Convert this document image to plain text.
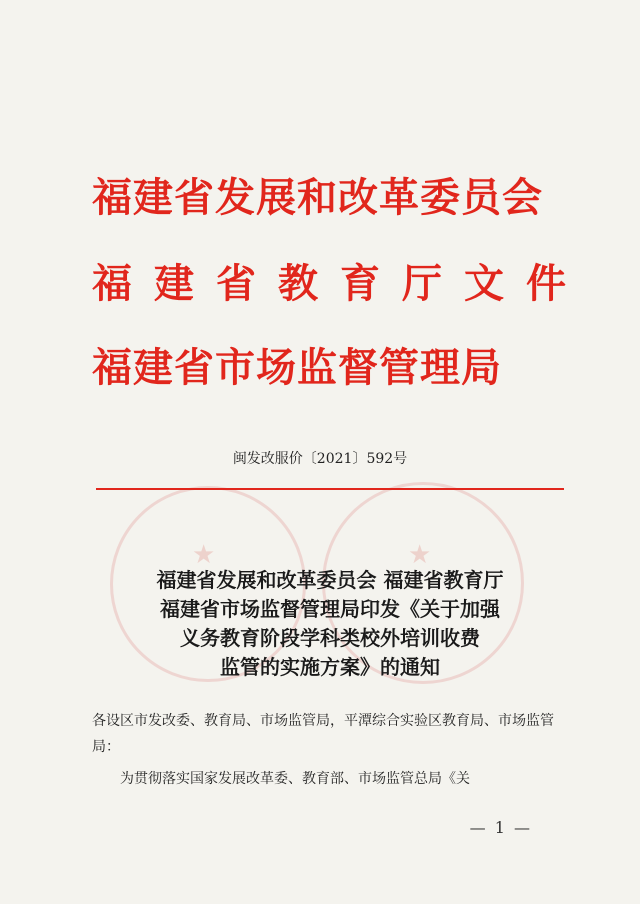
★	★
福建省发展和改革委员会
福建省教育厅文件
福建省市场监督管理局
闽发改服价〔2021〕592号
福建省发展和改革委员会 福建省教育厅
福建省市场监督管理局印发《关于加强
义务教育阶段学科类校外培训收费
监管的实施方案》的通知
各设区市发改委、教育局、市场监管局，平潭综合实验区教育局、市场监管局：
为贯彻落实国家发展改革委、教育部、市场监管总局《关
— 1 —
